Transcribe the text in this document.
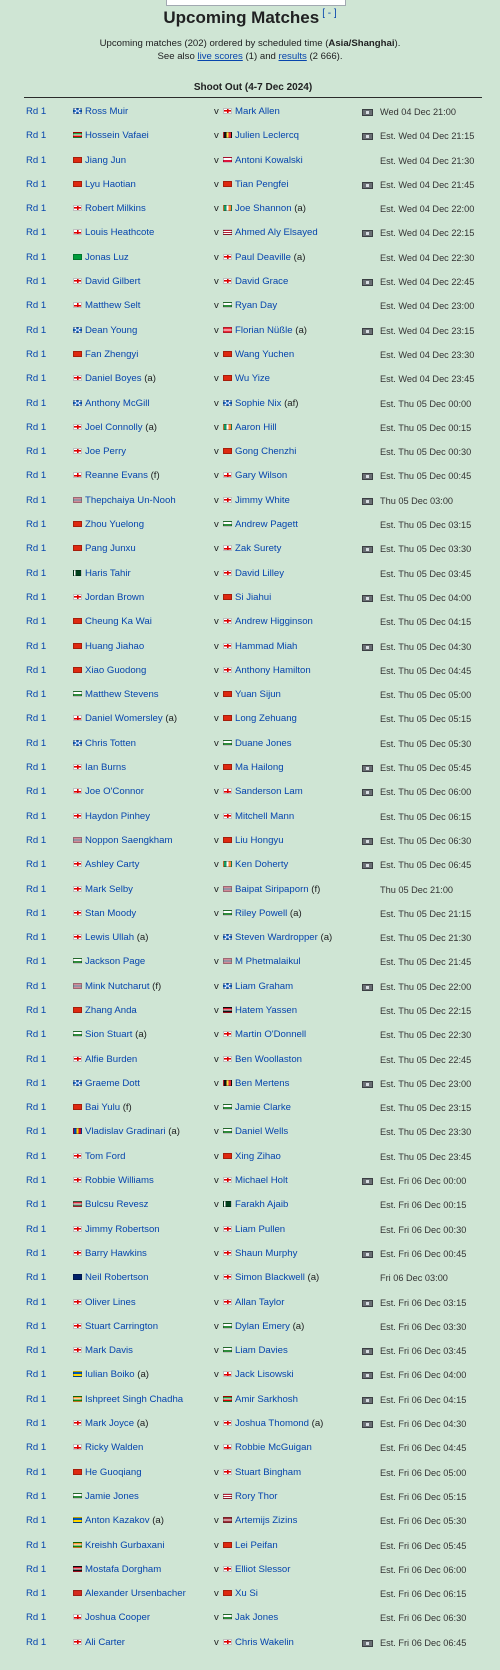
Upcoming Matches [ - ]
Upcoming matches (202) ordered by scheduled time (Asia/Shanghai).
See also live scores (1) and results (2 666).
Shoot Out (4-7 Dec 2024)
Rd 1	Ross Muir	v	Mark Allen	Wed 04 Dec 21:00
Rd 1	Hossein Vafaei	v	Julien Leclercq	Est. Wed 04 Dec 21:15
Rd 1	Jiang Jun	v	Antoni Kowalski	Est. Wed 04 Dec 21:30
Rd 1	Lyu Haotian	v	Tian Pengfei	Est. Wed 04 Dec 21:45
Rd 1	Robert Milkins	v	Joe Shannon (a)	Est. Wed 04 Dec 22:00
Rd 1	Louis Heathcote	v	Ahmed Aly Elsayed	Est. Wed 04 Dec 22:15
Rd 1	Jonas Luz	v	Paul Deaville (a)	Est. Wed 04 Dec 22:30
Rd 1	David Gilbert	v	David Grace	Est. Wed 04 Dec 22:45
Rd 1	Matthew Selt	v	Ryan Day	Est. Wed 04 Dec 23:00
Rd 1	Dean Young	v	Florian Nüßle (a)	Est. Wed 04 Dec 23:15
Rd 1	Fan Zhengyi	v	Wang Yuchen	Est. Wed 04 Dec 23:30
Rd 1	Daniel Boyes (a)	v	Wu Yize	Est. Wed 04 Dec 23:45
Rd 1	Anthony McGill	v	Sophie Nix (af)	Est. Thu 05 Dec 00:00
Rd 1	Joel Connolly (a)	v	Aaron Hill	Est. Thu 05 Dec 00:15
Rd 1	Joe Perry	v	Gong Chenzhi	Est. Thu 05 Dec 00:30
Rd 1	Reanne Evans (f)	v	Gary Wilson	Est. Thu 05 Dec 00:45
Rd 1	Thepchaiya Un-Nooh	v	Jimmy White	Thu 05 Dec 03:00
Rd 1	Zhou Yuelong	v	Andrew Pagett	Est. Thu 05 Dec 03:15
Rd 1	Pang Junxu	v	Zak Surety	Est. Thu 05 Dec 03:30
Rd 1	Haris Tahir	v	David Lilley	Est. Thu 05 Dec 03:45
Rd 1	Jordan Brown	v	Si Jiahui	Est. Thu 05 Dec 04:00
Rd 1	Cheung Ka Wai	v	Andrew Higginson	Est. Thu 05 Dec 04:15
Rd 1	Huang Jiahao	v	Hammad Miah	Est. Thu 05 Dec 04:30
Rd 1	Xiao Guodong	v	Anthony Hamilton	Est. Thu 05 Dec 04:45
Rd 1	Matthew Stevens	v	Yuan Sijun	Est. Thu 05 Dec 05:00
Rd 1	Daniel Womersley (a)	v	Long Zehuang	Est. Thu 05 Dec 05:15
Rd 1	Chris Totten	v	Duane Jones	Est. Thu 05 Dec 05:30
Rd 1	Ian Burns	v	Ma Hailong	Est. Thu 05 Dec 05:45
Rd 1	Joe O'Connor	v	Sanderson Lam	Est. Thu 05 Dec 06:00
Rd 1	Haydon Pinhey	v	Mitchell Mann	Est. Thu 05 Dec 06:15
Rd 1	Noppon Saengkham	v	Liu Hongyu	Est. Thu 05 Dec 06:30
Rd 1	Ashley Carty	v	Ken Doherty	Est. Thu 05 Dec 06:45
Rd 1	Mark Selby	v	Baipat Siripaporn (f)	Thu 05 Dec 21:00
Rd 1	Stan Moody	v	Riley Powell (a)	Est. Thu 05 Dec 21:15
Rd 1	Lewis Ullah (a)	v	Steven Wardropper (a)	Est. Thu 05 Dec 21:30
Rd 1	Jackson Page	v	M Phetmalaikul	Est. Thu 05 Dec 21:45
Rd 1	Mink Nutcharut (f)	v	Liam Graham	Est. Thu 05 Dec 22:00
Rd 1	Zhang Anda	v	Hatem Yassen	Est. Thu 05 Dec 22:15
Rd 1	Sion Stuart (a)	v	Martin O'Donnell	Est. Thu 05 Dec 22:30
Rd 1	Alfie Burden	v	Ben Woollaston	Est. Thu 05 Dec 22:45
Rd 1	Graeme Dott	v	Ben Mertens	Est. Thu 05 Dec 23:00
Rd 1	Bai Yulu (f)	v	Jamie Clarke	Est. Thu 05 Dec 23:15
Rd 1	Vladislav Gradinari (a)	v	Daniel Wells	Est. Thu 05 Dec 23:30
Rd 1	Tom Ford	v	Xing Zihao	Est. Thu 05 Dec 23:45
Rd 1	Robbie Williams	v	Michael Holt	Est. Fri 06 Dec 00:00
Rd 1	Bulcsu Revesz	v	Farakh Ajaib	Est. Fri 06 Dec 00:15
Rd 1	Jimmy Robertson	v	Liam Pullen	Est. Fri 06 Dec 00:30
Rd 1	Barry Hawkins	v	Shaun Murphy	Est. Fri 06 Dec 00:45
Rd 1	Neil Robertson	v	Simon Blackwell (a)	Fri 06 Dec 03:00
Rd 1	Oliver Lines	v	Allan Taylor	Est. Fri 06 Dec 03:15
Rd 1	Stuart Carrington	v	Dylan Emery (a)	Est. Fri 06 Dec 03:30
Rd 1	Mark Davis	v	Liam Davies	Est. Fri 06 Dec 03:45
Rd 1	Iulian Boiko (a)	v	Jack Lisowski	Est. Fri 06 Dec 04:00
Rd 1	Ishpreet Singh Chadha	v	Amir Sarkhosh	Est. Fri 06 Dec 04:15
Rd 1	Mark Joyce (a)	v	Joshua Thomond (a)	Est. Fri 06 Dec 04:30
Rd 1	Ricky Walden	v	Robbie McGuigan	Est. Fri 06 Dec 04:45
Rd 1	He Guoqiang	v	Stuart Bingham	Est. Fri 06 Dec 05:00
Rd 1	Jamie Jones	v	Rory Thor	Est. Fri 06 Dec 05:15
Rd 1	Anton Kazakov (a)	v	Artemijs Zizins	Est. Fri 06 Dec 05:30
Rd 1	Kreishh Gurbaxani	v	Lei Peifan	Est. Fri 06 Dec 05:45
Rd 1	Mostafa Dorgham	v	Elliot Slessor	Est. Fri 06 Dec 06:00
Rd 1	Alexander Ursenbacher	v	Xu Si	Est. Fri 06 Dec 06:15
Rd 1	Joshua Cooper	v	Jak Jones	Est. Fri 06 Dec 06:30
Rd 1	Ali Carter	v	Chris Wakelin	Est. Fri 06 Dec 06:45
